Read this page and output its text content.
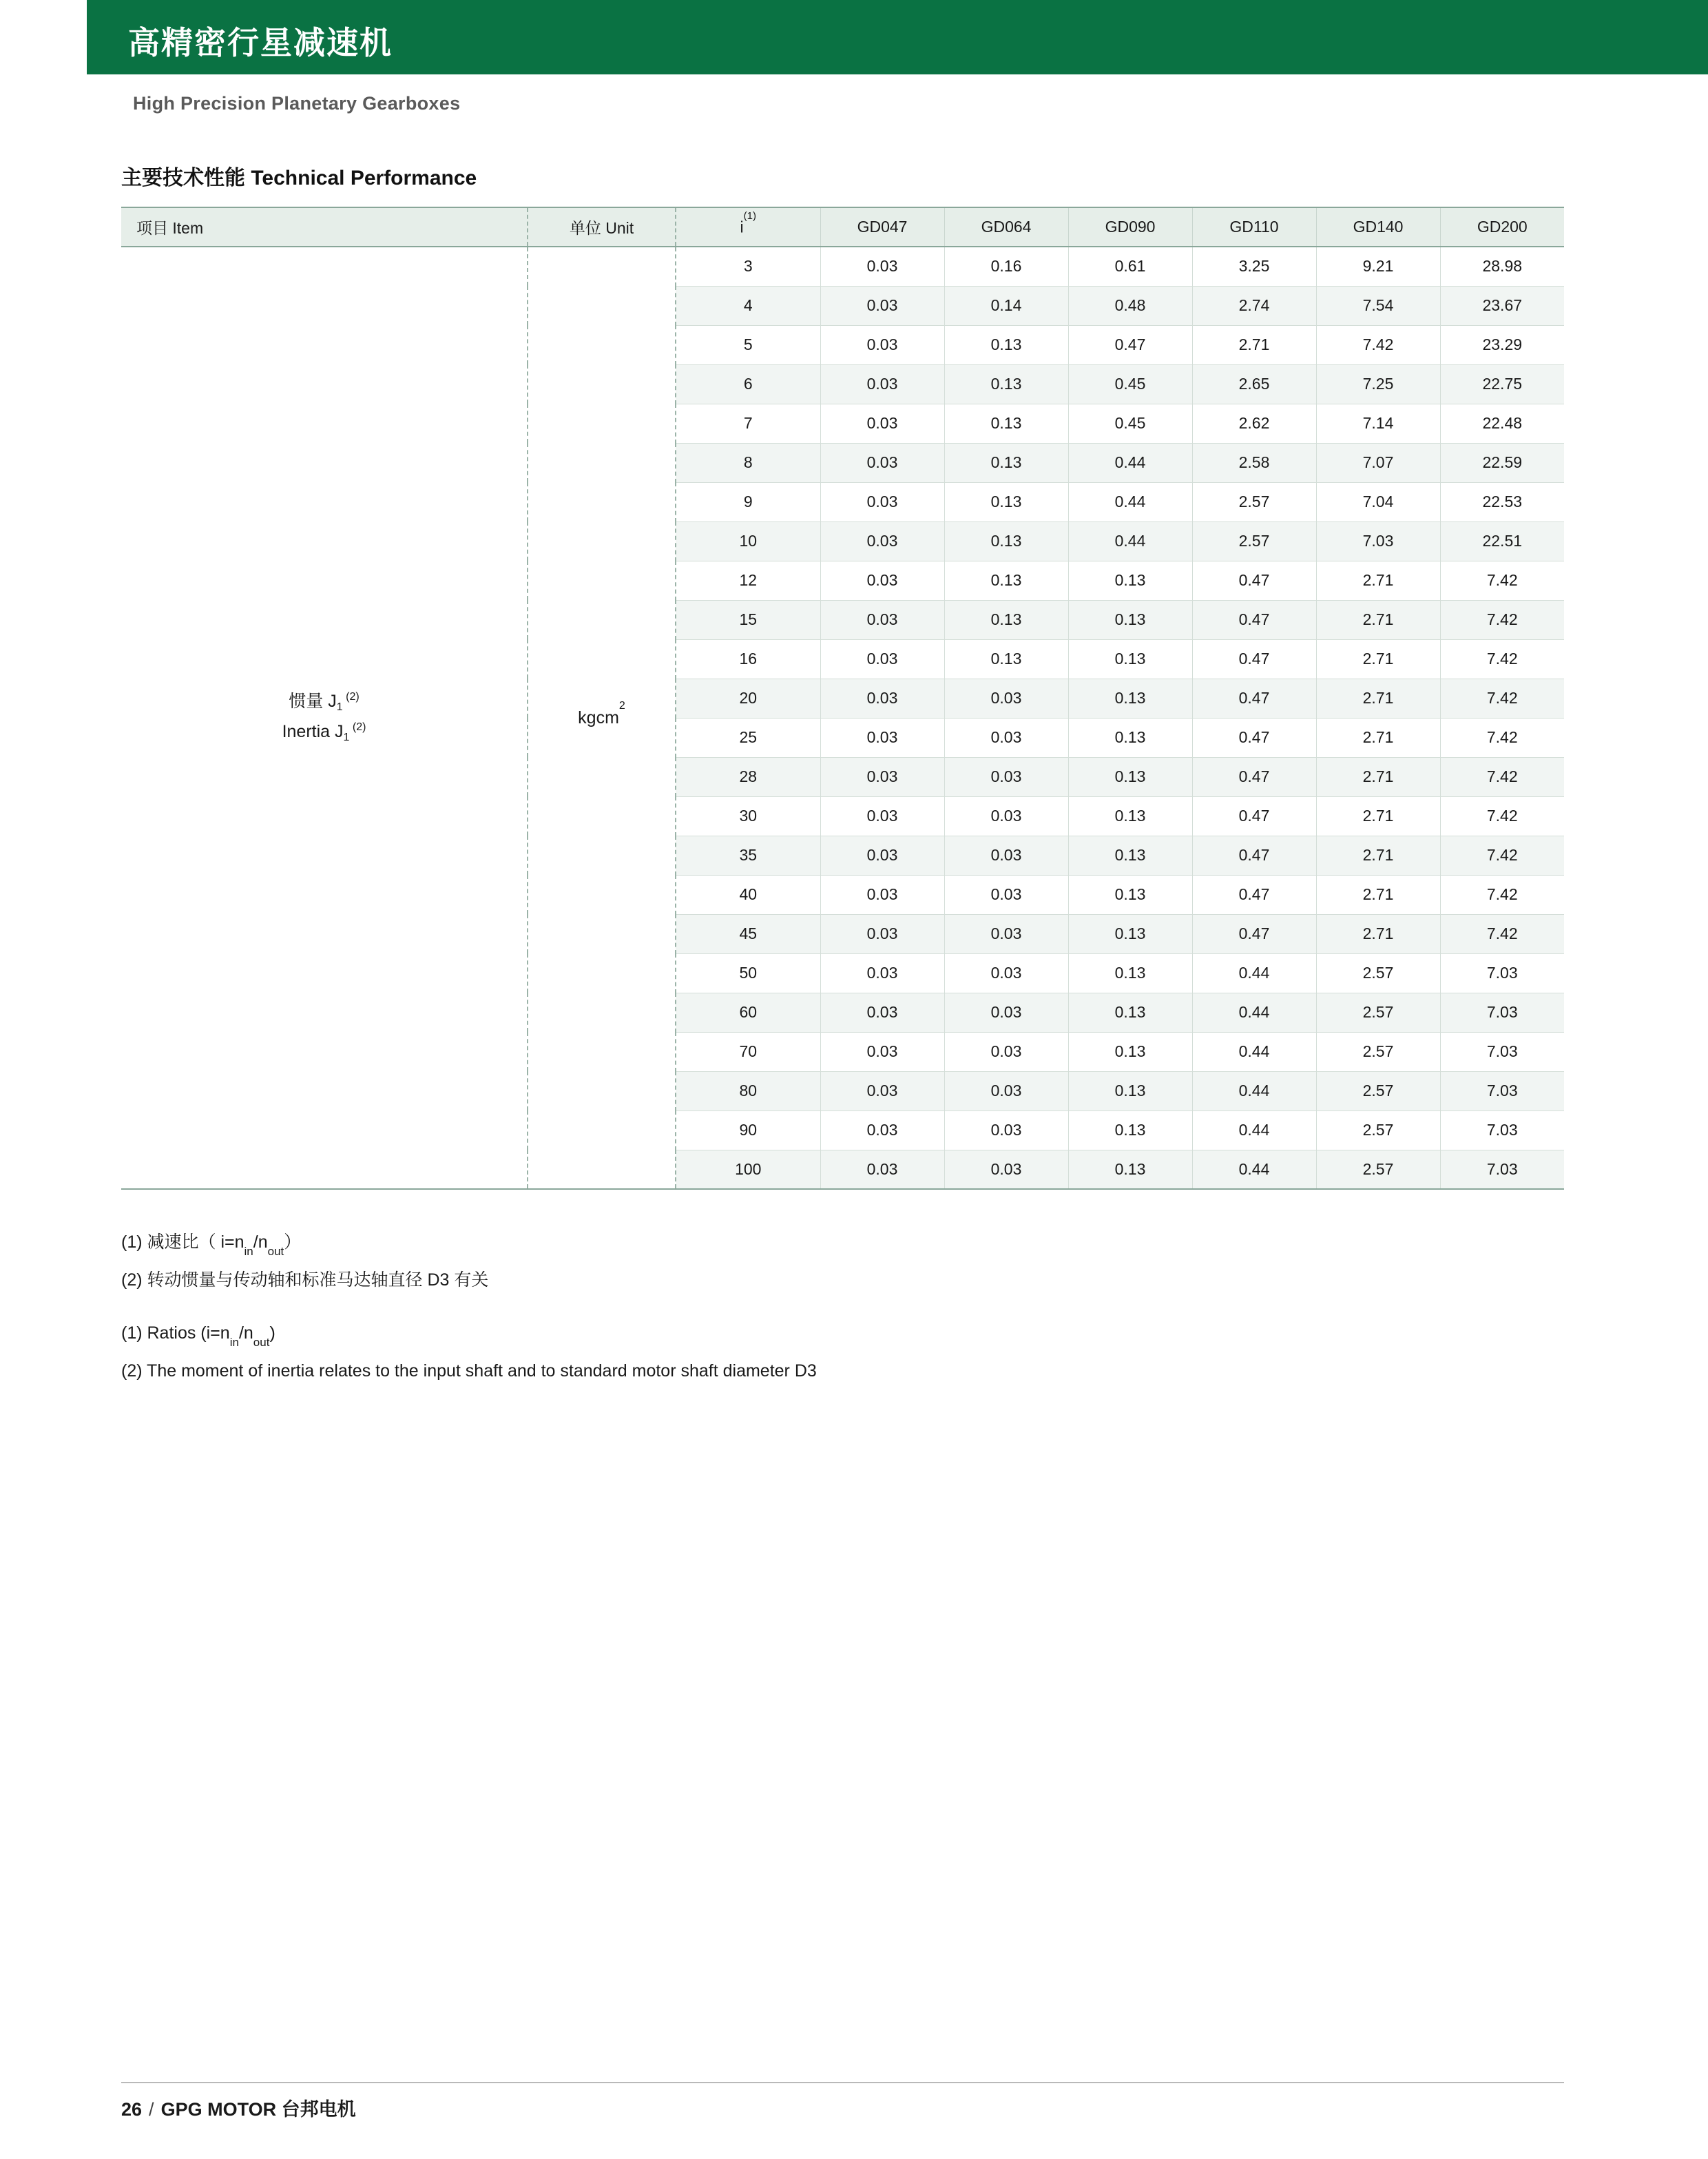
高精密行星减速机
High Precision Planetary Gearboxes
主要技术性能 Technical Performance
项目 Item	单位 Unit	$i^{(1)}$	GD047	GD064	GD090	GD110	GD140	GD200

惯量 $J_1$ $^{(2)}$
Inertia $J_1$ $^{(2)}$	kgcm$^2$	3	0.03	0.16	0.61	3.25	9.21	28.98
		4	0.03	0.14	0.48	2.74	7.54	23.67
		5	0.03	0.13	0.47	2.71	7.42	23.29
		6	0.03	0.13	0.45	2.65	7.25	22.75
		7	0.03	0.13	0.45	2.62	7.14	22.48
		8	0.03	0.13	0.44	2.58	7.07	22.59
		9	0.03	0.13	0.44	2.57	7.04	22.53
		10	0.03	0.13	0.44	2.57	7.03	22.51
		12	0.03	0.13	0.13	0.47	2.71	7.42
		15	0.03	0.13	0.13	0.47	2.71	7.42
		16	0.03	0.13	0.13	0.47	2.71	7.42
		20	0.03	0.03	0.13	0.47	2.71	7.42
		25	0.03	0.03	0.13	0.47	2.71	7.42
		28	0.03	0.03	0.13	0.47	2.71	7.42
		30	0.03	0.03	0.13	0.47	2.71	7.42
		35	0.03	0.03	0.13	0.47	2.71	7.42
		40	0.03	0.03	0.13	0.47	2.71	7.42
		45	0.03	0.03	0.13	0.47	2.71	7.42
		50	0.03	0.03	0.13	0.44	2.57	7.03
		60	0.03	0.03	0.13	0.44	2.57	7.03
		70	0.03	0.03	0.13	0.44	2.57	7.03
		80	0.03	0.03	0.13	0.44	2.57	7.03
		90	0.03	0.03	0.13	0.44	2.57	7.03
		100	0.03	0.03	0.13	0.44	2.57	7.03
(1) 减速比（ $i=n_{in}/n_{out}$）
(2) 转动惯量与传动轴和标准马达轴直径 D3 有关
(1) Ratios $(i=n_{in}/n_{out})$
(2) The moment of inertia relates to the input shaft and to standard motor shaft diameter D3
26 / GPG MOTOR 台邦电机
